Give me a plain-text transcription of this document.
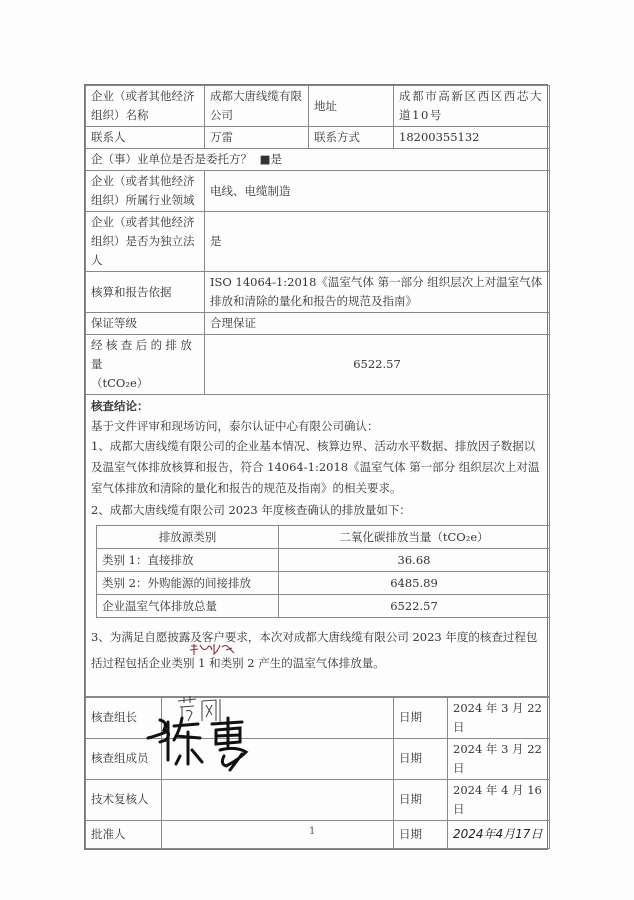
企业（或者其他经济组织）名称	成都大唐线缆有限公司	地址	成都市高新区西区西芯大道10号
联系人	万雷	联系方式	18200355132
企（事）业单位是否是委托方？ ■是
企业（或者其他经济组织）所属行业领域	电线、电缆制造
企业（或者其他经济组织）是否为独立法人	是
核算和报告依据	ISO 14064-1:2018《温室气体 第一部分 组织层次上对温室气体排放和清除的量化和报告的规范及指南》
保证等级	合理保证

经核查后的排放量
（tCO₂e）
	6522.57

核查结论：
基于文件评审和现场访问，泰尔认证中心有限公司确认：
1、成都大唐线缆有限公司的企业基本情况、核算边界、活动水平数据、排放因子数据以及温室气体排放核算和报告，符合 14064-1:2018《温室气体 第一部分 组织层次上对温室气体排放和清除的量化和报告的规范及指南》的相关要求。
2、成都大唐线缆有限公司 2023 年度核查确认的排放量如下：
排放源类别	二氧化碳排放当量（tCO₂e）
类别 1：直接排放	36.68
类别 2：外购能源的间接排放	6485.89
企业温室气体排放总量	6522.57
3、为满足自愿披露及客户要求，本次对成都大唐线缆有限公司 2023 年度的核查过程包括过程包括企业类别 1 和类别 2 产生的温室气体排放量。
核查组长		日期	2024 年 3 月 22 日
核查组成员		日期	2024 年 3 月 22 日
技术复核人		日期	2024 年 4 月 16 日
批准人		日期	2024年4月17日
1
